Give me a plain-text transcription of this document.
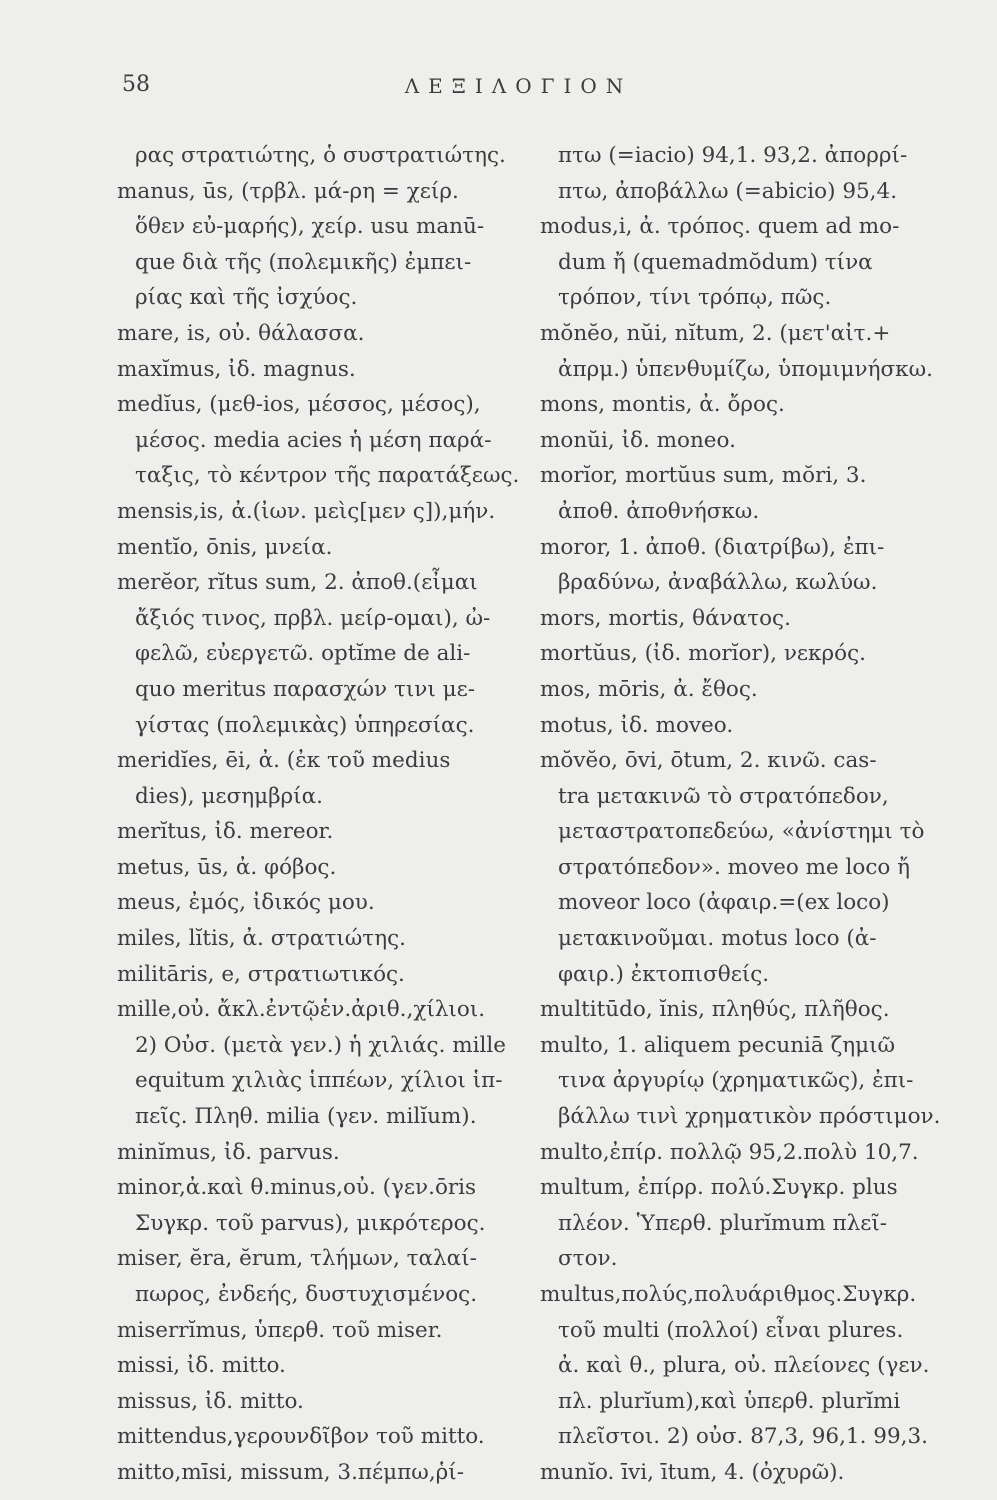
58	ΛΕΞΙΛΟΓΙΟΝ
ρας στρατιώτης, ὁ συστρατιώτης.
manus, ūs, (τρβλ. μά-ρη = χείρ.
ὅθεν εὐ-μαρής), χείρ. usu manū-
que διὰ τῆς (πολεμικῆς) ἐμπει-
ρίας καὶ τῆς ἰσχύος.
mare, is, οὐ. θάλασσα.
maxĭmus, ἰδ. magnus.
medĭus, (μεθ-ios, μέσσος, μέσος),
μέσος. media acies ἡ μέση παρά-
ταξις, τὸ κέντρον τῆς παρατάξεως.
mensis,is, ἀ.(ἰων. μεὶς[μεν ς]),μήν.
mentĭo, ōnis, μνεία.
merĕor, rĭtus sum, 2. ἀποθ.(εἶμαι
ἄξιός τινος, πρβλ. μείρ-ομαι), ὠ-
φελῶ, εὐεργετῶ. optĭme de ali-
quo meritus παρασχών τινι με-
γίστας (πολεμικὰς) ὑπηρεσίας.
meridĭes, ēi, ἀ. (ἐκ τοῦ medius
dies), μεσημβρία.
merĭtus, ἰδ. mereor.
metus, ūs, ἀ. φόβος.
meus, ἐμός, ἰδικός μου.
miles, lĭtis, ἀ. στρατιώτης.
militāris, e, στρατιωτικός.
mille,οὐ. ἄκλ.ἐντῷἑν.ἀριθ.,χίλιοι.
2) Οὐσ. (μετὰ γεν.) ἡ χιλιάς. mille
equitum χιλιὰς ἱππέων, χίλιοι ἱπ-
πεῖς. Πληθ. milia (γεν. milĭum).
minĭmus, ἰδ. parvus.
minor,ἀ.καὶ θ.minus,οὐ. (γεν.ōris
Συγκρ. τοῦ parvus), μικρότερος.
miser, ĕra, ĕrum, τλήμων, ταλαί-
πωρος, ἐνδεής, δυστυχισμένος.
miserrĭmus, ὑπερθ. τοῦ miser.
missi, ἰδ. mitto.
missus, ἰδ. mitto.
mittendus,γερουνδῖβον τοῦ mitto.
mitto,mīsi, missum, 3.πέμπω,ῥί-
πτω (=iacio) 94,1. 93,2. ἀπορρί-
πτω, ἀποβάλλω (=abicio) 95,4.
modus,i, ἀ. τρόπος. quem ad mo-
dum ἤ (quemadmŏdum) τίνα
τρόπον, τίνι τρόπῳ, πῶς.
mŏnĕo, nŭi, nĭtum, 2. (μετ'αἰτ.+
ἀπρμ.) ὑπενθυμίζω, ὑπομιμνήσκω.
mons, montis, ἀ. ὄρος.
monŭi, ἰδ. moneo.
morĭor, mortŭus sum, mŏri, 3.
ἀποθ. ἀποθνήσκω.
moror, 1. ἀποθ. (διατρίβω), ἐπι-
βραδύνω, ἀναβάλλω, κωλύω.
mors, mortis, θάνατος.
mortŭus, (ἰδ. morĭor), νεκρός.
mos, mōris, ἀ. ἔθος.
motus, ἰδ. moveo.
mŏvĕo, ōvi, ōtum, 2. κινῶ. cas-
tra μετακινῶ τὸ στρατόπεδον,
μεταστρατοπεδεύω, «ἀνίστημι τὸ
στρατόπεδον». moveo me loco ἤ
moveor loco (ἀφαιρ.=(ex loco)
μετακινοῦμαι. motus loco (ἀ-
φαιρ.) ἐκτοπισθείς.
multitūdo, ĭnis, πληθύς, πλῆθος.
multo, 1. aliquem pecuniā ζημιῶ
τινα ἀργυρίῳ (χρηματικῶς), ἐπι-
βάλλω τινὶ χρηματικὸν πρόστιμον.
multo,ἐπίρ. πολλῷ 95,2.πολὺ 10,7.
multum, ἐπίρρ. πολύ.Συγκρ. plus
πλέον. Ὑπερθ. plurĭmum πλεῖ-
στον.
multus,πολύς,πολυάριθμος.Συγκρ.
τοῦ multi (πολλοί) εἶναι plures.
ἀ. καὶ θ., plura, οὐ. πλείονες (γεν.
πλ. plurĭum),καὶ ὑπερθ. plurĭmi
πλεῖστοι. 2) οὐσ. 87,3, 96,1. 99,3.
munĭo. īvi, ītum, 4. (ὀχυρῶ).
